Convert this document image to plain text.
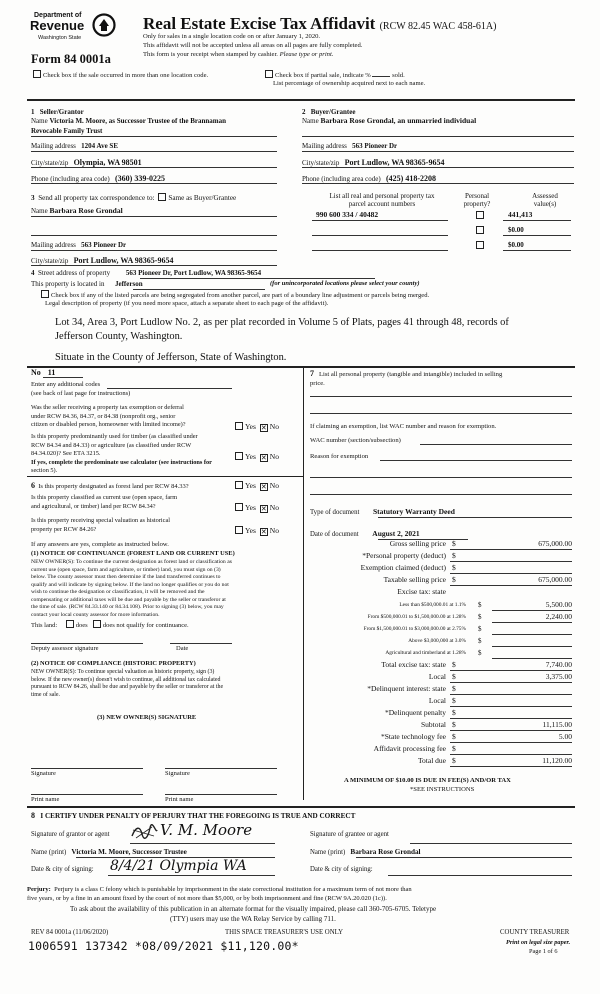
Department of
Revenue
Washington State
Form 84 0001a
Real Estate Excise Tax Affidavit (RCW 82.45 WAC 458-61A)
Only for sales in a single location code on or after January 1, 2020.
This affidavit will not be accepted unless all areas on all pages are fully completed.
This form is your receipt when stamped by cashier. Please type or print.
Check box if the sale occurred in more than one location code.	Check box if partial sale, indicate %	sold.
List percentage of ownership acquired next to each name.
1 Seller/Grantor
Name Victoria M. Moore, as Successor Trustee of the Brannaman
Revocable Family Trust
Mailing address 1204 Ave SE
City/state/zip Olympia, WA 98501
Phone (including area code) (360) 339-0225
2 Buyer/Grantee
Name Barbara Rose Grondal, an unmarried individual
Mailing address 563 Pioneer Dr
City/state/zip Port Ludlow, WA 98365-9654
Phone (including area code) (425) 418-2208
3 Send all property tax correspondence to: Same as Buyer/Grantee
Name Barbara Rose Grondal
Mailing address 563 Pioneer Dr
City/state/zip Port Ludlow, WA 98365-9654
List all real and personal property tax
parcel account numbers
Personal
property?
Assessed
value(s)
990 600 334 / 40482	441,413
$0.00
$0.00
4 Street address of property 563 Pioneer Dr, Port Ludlow, WA 98365-9654
This property is located in Jefferson	(for unincorporated locations please select your county)
Check box if any of the listed parcels are being segregated from another parcel, are part of a boundary line adjustment or parcels being merged.
Legal description of property (if you need more space, attach a separate sheet to each page of the affidavit).
Lot 34, Area 3, Port Ludlow No. 2, as per plat recorded in Volume 5 of Plats, pages 41 through 48, records of
Jefferson County, Washington.
Situate in the County of Jefferson, State of Washington.
No 11
Enter any additional codes
(see back of last page for instructions)
Was the seller receiving a property tax exemption or deferral
under RCW 84.36, 84.37, or 84.38 (nonprofit org., senior
citizen or disabled person, homeowner with limited income)?	Yes ✕ No
Is this property predominantly used for timber (as classified under
RCW 84.34 and 84.33) or agriculture (as classified under RCW
84.34.020)? See ETA 3215.
If yes, complete the predominate use calculator (see instructions for
section 5).
Yes ✕ No
6 Is this property designated as forest land per RCW 84.33?	Yes ✕ No
Is this property classified as current use (open space, farm
and agricultural, or timber) land per RCW 84.34?	Yes ✕ No
Is this property receiving special valuation as historical
property per RCW 84.26?	Yes ✕ No
If any answers are yes, complete as instructed below.
(1) NOTICE OF CONTINUANCE (FOREST LAND OR CURRENT USE)
NEW OWNER(S): To continue the current designation as forest land or classification as
current use (open space, farm and agriculture, or timber) land, you must sign on (3)
below. The county assessor must then determine if the land transferred continues to
qualify and will indicate by signing below. If the land no longer qualifies or you do not
wish to continue the designation or classification, it will be removed and the
compensating or additional taxes will be due and payable by the seller or transferor at
the time of sale. (RCW 84.33.140 or 84.34.108). Prior to signing (3) below, you may
contact your local county assessor for more information.
This land:	does does not qualify for continuance.
Deputy assessor signature	Date
(2) NOTICE OF COMPLIANCE (HISTORIC PROPERTY)
NEW OWNER(S): To continue special valuation as historic property, sign (3)
below. If the new owner(s) doesn't wish to continue, all additional tax calculated
pursuant to RCW 84.26, shall be due and payable by the seller or transferor at the
time of sale.
(3) NEW OWNER(S) SIGNATURE
Signature	Signature
Print name	Print name
7 List all personal property (tangible and intangible) included in selling
price.
If claiming an exemption, list WAC number and reason for exemption.
WAC number (section/subsection)
Reason for exemption
Type of document Statutory Warranty Deed
Date of document August 2, 2021
Gross selling price $	675,000.00
*Personal property (deduct) $
Exemption claimed (deduct) $
Taxable selling price $	675,000.00
Excise tax: state
Less than $500,000.01 at 1.1% $	5,500.00
From $500,000.01 to $1,500,000.00 at 1.28% $	2,240.00
From $1,500,000.01 to $3,000,000.00 at 2.75% $
Above $3,000,000 at 3.0% $
Agricultural and timberland at 1.28% $
Total excise tax: state $	7,740.00
Local $	3,375.00
*Delinquent interest: state $
Local $
*Delinquent penalty $
Subtotal $	11,115.00
*State technology fee $	5.00
Affidavit processing fee $
Total due $	11,120.00
A MINIMUM OF $10.00 IS DUE IN FEE(S) AND/OR TAX
*SEE INSTRUCTIONS
8 I CERTIFY UNDER PENALTY OF PERJURY THAT THE FOREGOING IS TRUE AND CORRECT
Signature of grantor or agent	V. M. Moore	Signature of grantee or agent
Name (print) Victoria M. Moore, Successor Trustee	Name (print) Barbara Rose Grondal
Date & city of signing: 8/4/21 Olympia WA	Date & city of signing:
Perjury: Perjury is a class C felony which is punishable by imprisonment in the state correctional institution for a maximum term of not more than
five years, or by a fine in an amount fixed by the court of not more than $5,000, or by both imprisonment and fine (RCW 9A.20.020 (1c)).
To ask about the availability of this publication in an alternate format for the visually impaired, please call 360-705-6705. Teletype
(TTY) users may use the WA Relay Service by calling 711.
REV 84 0001a (11/06/2020)	THIS SPACE TREASURER'S USE ONLY	COUNTY TREASURER
Print on legal size paper.
Page 1 of 6
1006591 137342 *08/09/2021 $11,120.00*
